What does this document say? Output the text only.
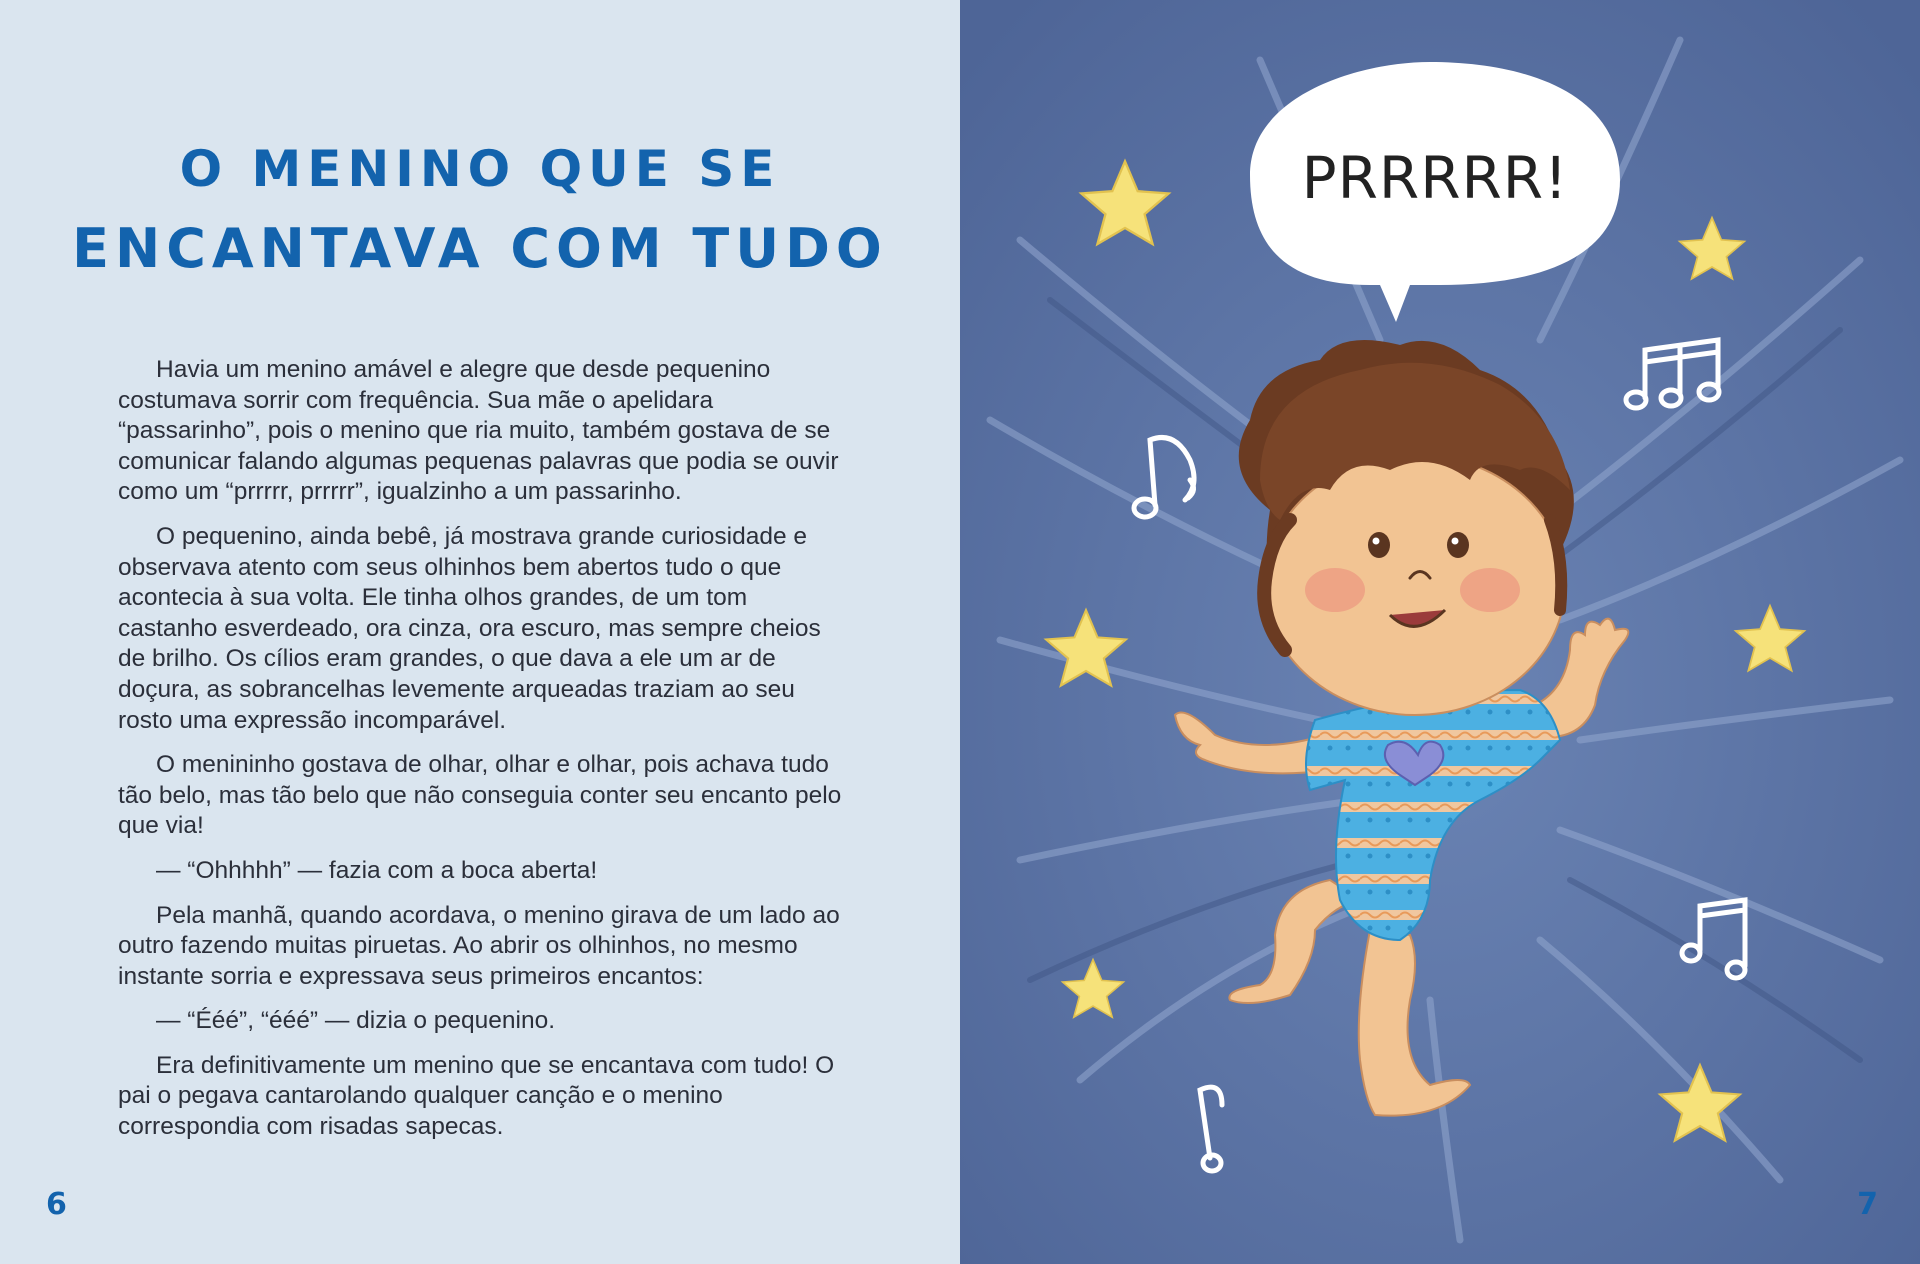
O MENINO QUE SE
ENCANTAVA COM TUDO

Havia um menino amável e alegre que desde pequenino costumava sorrir com frequência. Sua mãe o apelidara “passarinho”, pois o menino que ria muito, também gostava de se comunicar falando algumas pequenas palavras que podia se ouvir como um “prrrrr, prrrrr”, igualzinho a um passarinho.

O pequenino, ainda bebê, já mostrava grande curiosidade e observava atento com seus olhinhos bem abertos tudo o que acontecia à sua volta. Ele tinha olhos grandes, de um tom castanho esverdeado, ora cinza, ora escuro, mas sempre cheios de brilho. Os cílios eram grandes, o que dava a ele um ar de doçura, as sobrancelhas levemente arqueadas traziam ao seu rosto uma expressão incomparável.

O menininho gostava de olhar, olhar e olhar, pois achava tudo tão belo, mas tão belo que não conseguia conter seu encanto pelo que via!

— “Ohhhhh” — fazia com a boca aberta!

Pela manhã, quando acordava, o menino girava de um lado ao outro fazendo muitas piruetas. Ao abrir os olhinhos, no mesmo instante sorria e expressava seus primeiros encantos:

— “Ééé”, “ééé” — dizia o pequenino.

Era definitivamente um menino que se encantava com tudo! O pai o pegava cantarolando qualquer canção e o menino correspondia com risadas sapecas.

6
PRRRRR!
7
